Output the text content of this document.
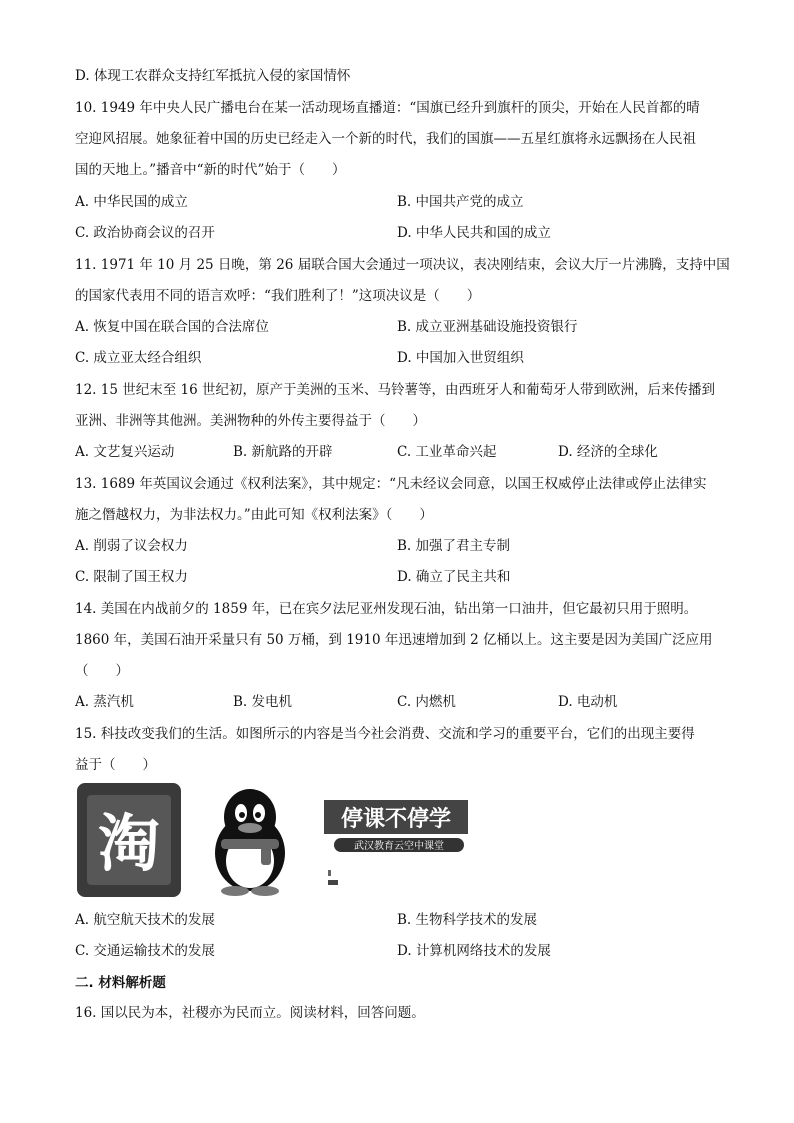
D. 体现工农群众支持红军抵抗入侵的家国情怀
10. 1949 年中央人民广播电台在某一活动现场直播道：“国旗已经升到旗杆的顶尖，开始在人民首都的晴
空迎风招展。她象征着中国的历史已经走入一个新的时代，我们的国旗——五星红旗将永远飘扬在人民祖
国的天地上。”播音中“新的时代”始于（　　）
A. 中华民国的成立	B. 中国共产党的成立
C. 政治协商会议的召开	D. 中华人民共和国的成立
11. 1971 年 10 月 25 日晚，第 26 届联合国大会通过一项决议，表决刚结束，会议大厅一片沸腾，支持中国
的国家代表用不同的语言欢呼：“我们胜利了！”这项决议是（　　）
A. 恢复中国在联合国的合法席位	B. 成立亚洲基础设施投资银行
C. 成立亚太经合组织	D. 中国加入世贸组织
12. 15 世纪末至 16 世纪初，原产于美洲的玉米、马铃薯等，由西班牙人和葡萄牙人带到欧洲，后来传播到
亚洲、非洲等其他洲。美洲物种的外传主要得益于（　　）
A. 文艺复兴运动	B. 新航路的开辟	C. 工业革命兴起	D. 经济的全球化
13. 1689 年英国议会通过《权利法案》，其中规定：“凡未经议会同意，以国王权威停止法律或停止法律实
施之僭越权力，为非法权力。”由此可知《权利法案》（　　）
A. 削弱了议会权力	B. 加强了君主专制
C. 限制了国王权力	D. 确立了民主共和
14. 美国在内战前夕的 1859 年，已在宾夕法尼亚州发现石油，钻出第一口油井，但它最初只用于照明。
1860 年，美国石油开采量只有 50 万桶，到 1910 年迅速增加到 2 亿桶以上。这主要是因为美国广泛应用
（　　）
A. 蒸汽机	B. 发电机	C. 内燃机	D. 电动机
15. 科技改变我们的生活。如图所示的内容是当今社会消费、交流和学习的重要平台，它们的出现主要得
益于（　　）
淘	停课不停学
武汉教育云空中课堂
A. 航空航天技术的发展	B. 生物科学技术的发展
C. 交通运输技术的发展	D. 计算机网络技术的发展
二. 材料解析题
16. 国以民为本，社稷亦为民而立。阅读材料，回答问题。
